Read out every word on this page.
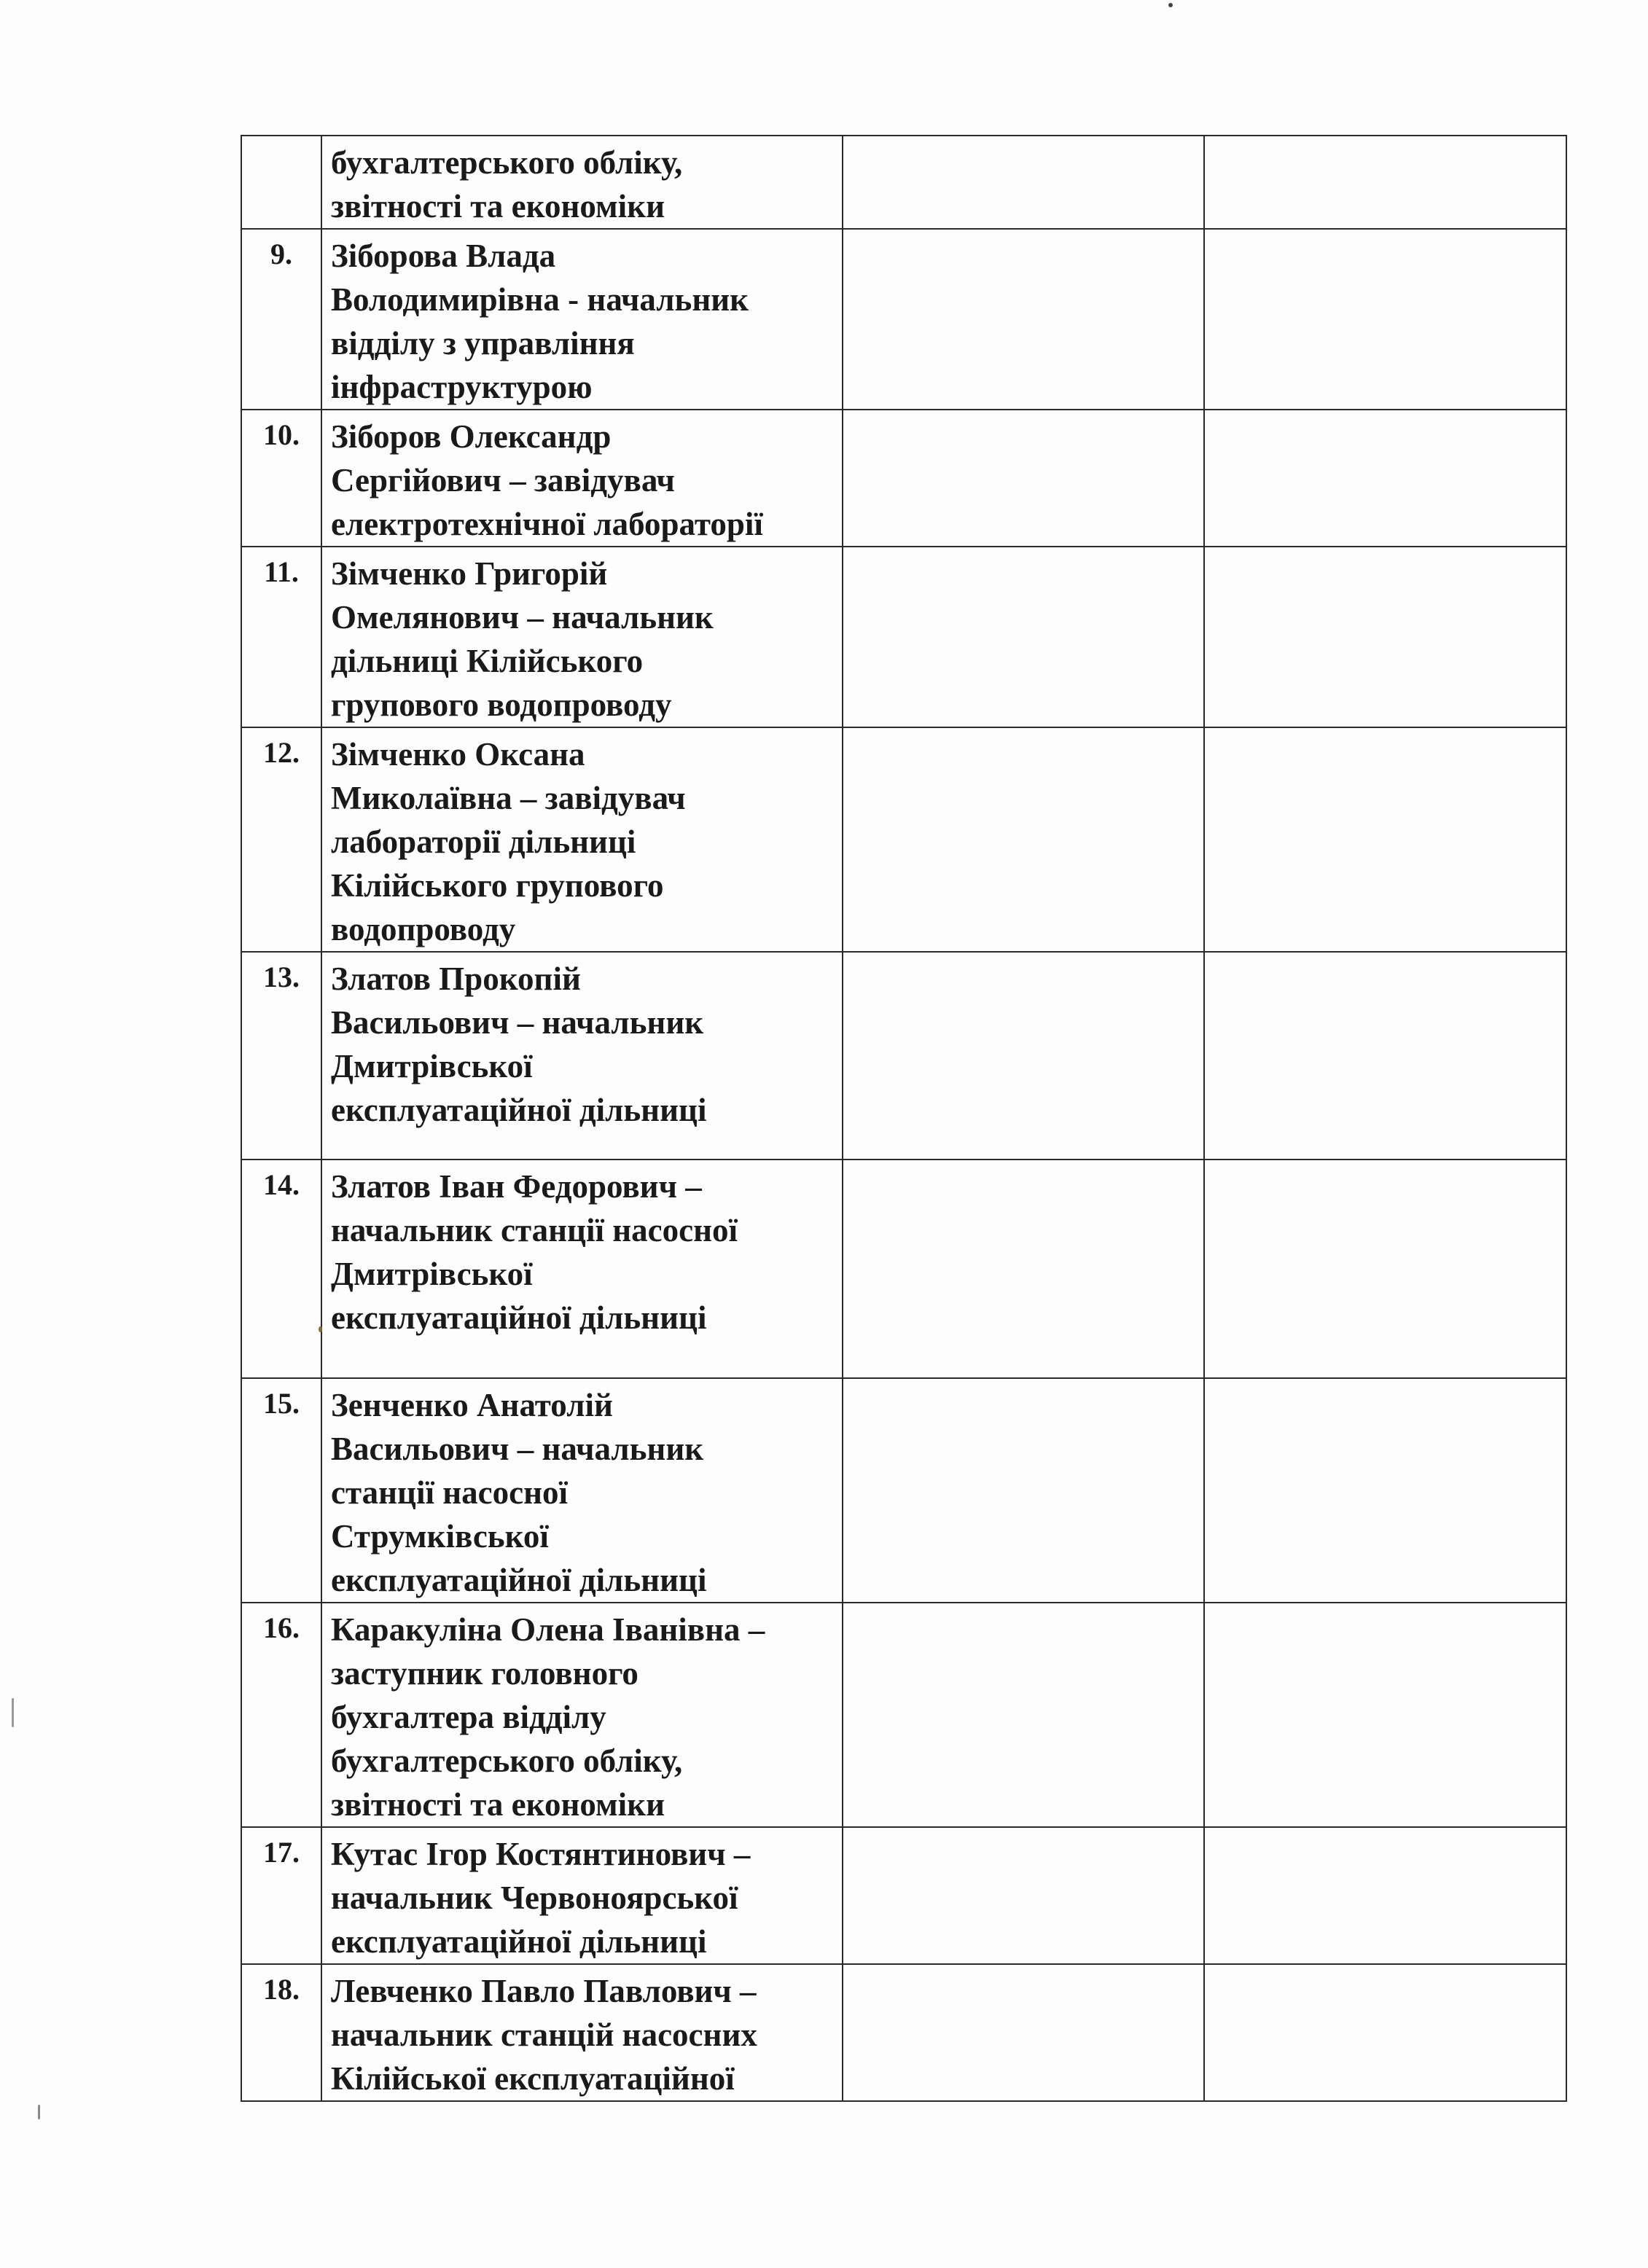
	бухгалтерського обліку,
звітності та економіки		
9.	Зіборова Влада
Володимирівна - начальник
відділу з управління
інфраструктурою		
10.	Зіборов Олександр
Сергійович – завідувач
електротехнічної лабораторії		
11.	Зімченко Григорій
Омелянович – начальник
дільниці Кілійського
групового водопроводу		
12.	Зімченко Оксана
Миколаївна – завідувач
лабораторії дільниці
Кілійського групового
водопроводу		
13.	Златов Прокопій
Васильович – начальник
Дмитрівської
експлуатаційної дільниці		
14.	Златов Іван Федорович –
начальник станції насосної
Дмитрівської
експлуатаційної дільниці		
15.	Зенченко Анатолій
Васильович – начальник
станції насосної
Струмківської
експлуатаційної дільниці		
16.	Каракуліна Олена Іванівна –
заступник головного
бухгалтера відділу
бухгалтерського обліку,
звітності та економіки		
17.	Кутас Ігор Костянтинович –
начальник Червоноярської
експлуатаційної дільниці		
18.	Левченко Павло Павлович –
начальник станцій насосних
Кілійської експлуатаційної		
